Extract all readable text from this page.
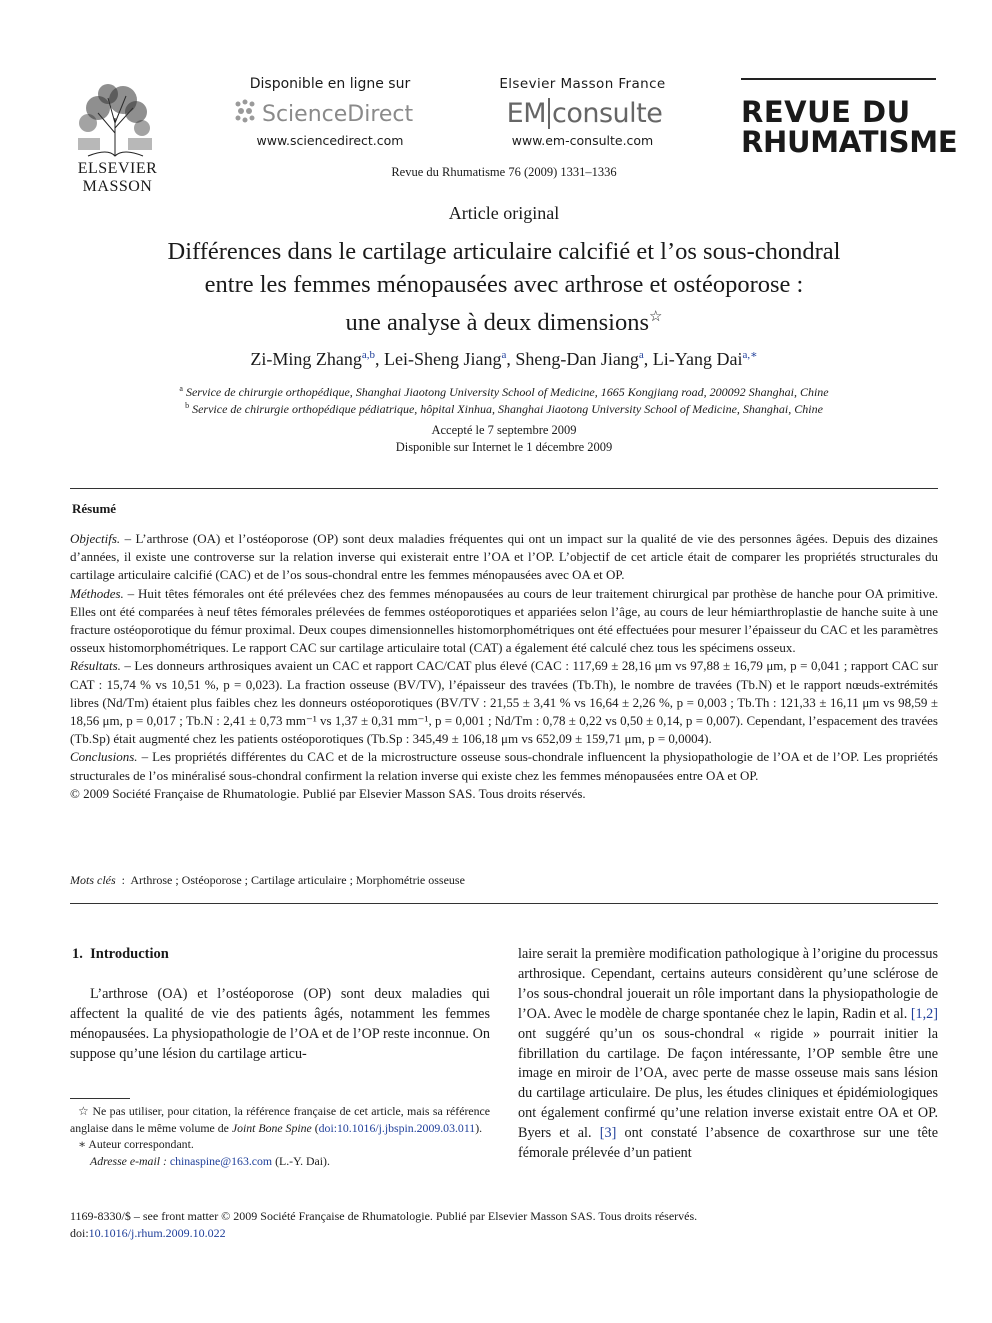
ELSEVIER
MASSON
Disponible en ligne sur
ScienceDirect
www.sciencedirect.com
Elsevier Masson France
EM consulte
www.em-consulte.com
REVUE DU
RHUMATISME
Revue du Rhumatisme 76 (2009) 1331–1336
Article original
Différences dans le cartilage articulaire calcifié et l’os sous-chondral
entre les femmes ménopausées avec arthrose et ostéoporose :
une analyse à deux dimensions☆
Zi-Ming Zhang$^{a,b}$, Lei-Sheng Jiang$^a$, Sheng-Dan Jiang$^a$, Li-Yang Dai$^{a,∗}$
$^a$ Service de chirurgie orthopédique, Shanghai Jiaotong University School of Medicine, 1665 Kongjiang road, 200092 Shanghai, Chine
$^b$ Service de chirurgie orthopédique pédiatrique, hôpital Xinhua, Shanghai Jiaotong University School of Medicine, Shanghai, Chine
Accepté le 7 septembre 2009
Disponible sur Internet le 1 décembre 2009
Résumé

Objectifs. – L’arthrose (OA) et l’ostéoporose (OP) sont deux maladies fréquentes qui ont un impact sur la qualité de vie des personnes âgées. Depuis des dizaines d’années, il existe une controverse sur la relation inverse qui existerait entre l’OA et l’OP. L’objectif de cet article était de comparer les propriétés structurales du cartilage articulaire calcifié (CAC) et de l’os sous-chondral entre les femmes ménopausées avec OA et OP.

Méthodes. – Huit têtes fémorales ont été prélevées chez des femmes ménopausées au cours de leur traitement chirurgical par prothèse de hanche pour OA primitive. Elles ont été comparées à neuf têtes fémorales prélevées de femmes ostéoporotiques et appariées selon l’âge, au cours de leur hémiarthroplastie de hanche suite à une fracture ostéoporotique du fémur proximal. Deux coupes dimensionnelles histomorphométriques ont été effectuées pour mesurer l’épaisseur du CAC et les paramètres osseux histomorphométriques. Le rapport CAC sur cartilage articulaire total (CAT) a également été calculé chez tous les spécimens osseux.

Résultats. – Les donneurs arthrosiques avaient un CAC et rapport CAC/CAT plus élevé (CAC : 117,69 ± 28,16 μm vs 97,88 ± 16,79 μm, p = 0,041 ; rapport CAC sur CAT : 15,74 % vs 10,51 %, p = 0,023). La fraction osseuse (BV/TV), l’épaisseur des travées (Tb.Th), le nombre de travées (Tb.N) et le rapport nœuds-extrémités libres (Nd/Tm) étaient plus faibles chez les donneurs ostéoporotiques (BV/TV : 21,55 ± 3,41 % vs 16,64 ± 2,26 %, p = 0,003 ; Tb.Th : 121,33 ± 16,11 μm vs 98,59 ± 18,56 μm, p = 0,017 ; Tb.N : 2,41 ± 0,73 mm⁻¹ vs 1,37 ± 0,31 mm⁻¹, p = 0,001 ; Nd/Tm : 0,78 ± 0,22 vs 0,50 ± 0,14, p = 0,007). Cependant, l’espacement des travées (Tb.Sp) était augmenté chez les patients ostéoporotiques (Tb.Sp : 345,49 ± 106,18 μm vs 652,09 ± 159,71 μm, p = 0,0004).

Conclusions. – Les propriétés différentes du CAC et de la microstructure osseuse sous-chondrale influencent la physiopathologie de l’OA et de l’OP. Les propriétés structurales de l’os minéralisé sous-chondral confirment la relation inverse qui existe chez les femmes ménopausées entre OA et OP.

© 2009 Société Française de Rhumatologie. Publié par Elsevier Masson SAS. Tous droits réservés.

Mots clés  :  Arthrose ; Ostéoporose ; Cartilage articulaire ; Morphométrie osseuse
1.  Introduction
L’arthrose (OA) et l’ostéoporose (OP) sont deux maladies qui affectent la qualité de vie des patients âgés, notamment les femmes ménopausées. La physiopathologie de l’OA et de l’OP reste inconnue. On suppose qu’une lésion du cartilage articu-
laire serait la première modification pathologique à l’origine du processus arthrosique. Cependant, certains auteurs considèrent qu’une sclérose de l’os sous-chondral jouerait un rôle important dans la physiopathologie de l’OA. Avec le modèle de charge spontanée chez le lapin, Radin et al. [1,2] ont suggéré qu’un os sous-chondral « rigide » pourrait initier la fibrillation du cartilage. De façon intéressante, l’OP semble être une image en miroir de l’OA, avec perte de masse osseuse mais sans lésion du cartilage articulaire. De plus, les études cliniques et épidémiologiques ont également confirmé qu’une relation inverse existait entre OA et OP. Byers et al. [3] ont constaté l’absence de coxarthrose sur une tête fémorale prélevée d’un patient

☆ Ne pas utiliser, pour citation, la référence française de cet article, mais sa référence anglaise dans le même volume de Joint Bone Spine (doi:10.1016/j.jbspin.2009.03.011).

∗ Auteur correspondant.

Adresse e-mail : chinaspine@163.com (L.-Y. Dai).

1169-8330/$ – see front matter © 2009 Société Française de Rhumatologie. Publié par Elsevier Masson SAS. Tous droits réservés.
doi:10.1016/j.rhum.2009.10.022
